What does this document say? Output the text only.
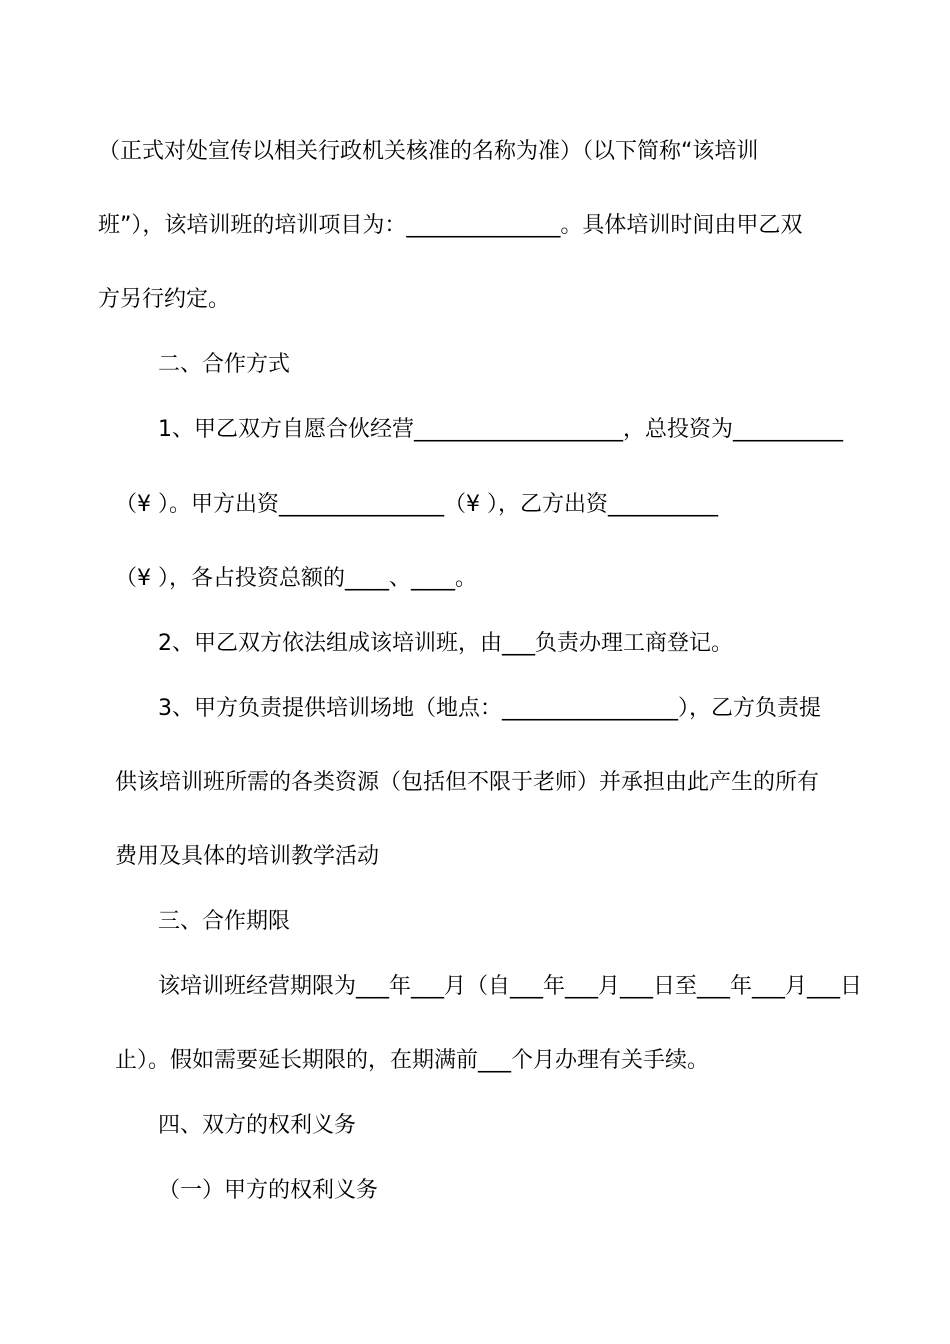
（正式对处宣传以相关行政机关核准的名称为准）（以下简称“该培训
班”），该培训班的培训项目为：______________。具体培训时间由甲乙双
方另行约定。
二、合作方式
1、甲乙双方自愿合伙经营___________________，总投资为__________
（¥ ）。甲方出资_______________（¥ ），乙方出资__________
（¥ ），各占投资总额的____、____。
2、甲乙双方依法组成该培训班，由___负责办理工商登记。
3、甲方负责提供培训场地（地点：________________），乙方负责提
供该培训班所需的各类资源（包括但不限于老师）并承担由此产生的所有
费用及具体的培训教学活动
三、合作期限
该培训班经营期限为___年___月（自___年___月___日至___年___月___日
止）。假如需要延长期限的，在期满前___个月办理有关手续。
四、双方的权利义务
（一）甲方的权利义务
